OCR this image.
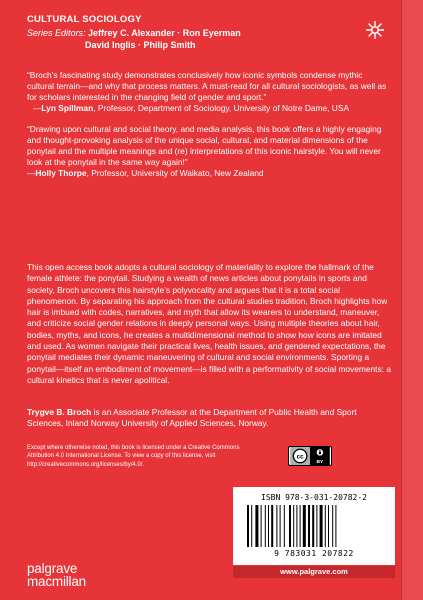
CULTURAL SOCIOLOGY
Series Editors: Jeffrey C. Alexander · Ron Eyerman
David Inglis · Philip Smith
“Broch’s fascinating study demonstrates conclusively how iconic symbols condense mythic cultural terrain—and why that process matters. A must-read for all cultural sociologists, as well as for scholars interested in the changing field of gender and sport.”
—Lyn Spillman, Professor, Department of Sociology, University of Notre Dame, USA
“Drawing upon cultural and social theory, and media analysis, this book offers a highly engaging and thought-provoking analysis of the unique social, cultural, and material dimensions of the ponytail and the multiple meanings and (re) interpretations of this iconic hairstyle. You will never look at the ponytail in the same way again!”
—Holly Thorpe, Professor, University of Waikato, New Zealand
This open access book adopts a cultural sociology of materiality to explore the hallmark of the female athlete: the ponytail. Studying a wealth of news articles about ponytails in sports and society, Broch uncovers this hairstyle’s polyvocality and argues that it is a total social phenomenon. By separating his approach from the cultural studies tradition, Broch highlights how hair is imbued with codes, narratives, and myth that allow its wearers to understand, maneuver, and criticize social gender relations in deeply personal ways. Using multiple theories about hair, bodies, myths, and icons, he creates a multidimensional method to show how icons are imitated and used. As women navigate their practical lives, health issues, and gendered expectations, the ponytail mediates their dynamic maneuvering of cultural and social environments. Sporting a ponytail—itself an embodiment of movement—is filled with a performativity of social movements: a cultural kinetics that is never apolitical.
Trygve B. Broch is an Associate Professor at the Department of Public Health and Sport Sciences, Inland Norway University of Applied Sciences, Norway.
Except where otherwise noted, this book is licensed under a Creative Commons Attribution 4.0 International License. To view a copy of this license, visit http://creativecommons.org/licenses/by/4.0/.
cc
BY
ISBN 978-3-031-20782-2
9 783031 207822
www.palgrave.com
palgrave
macmillan
